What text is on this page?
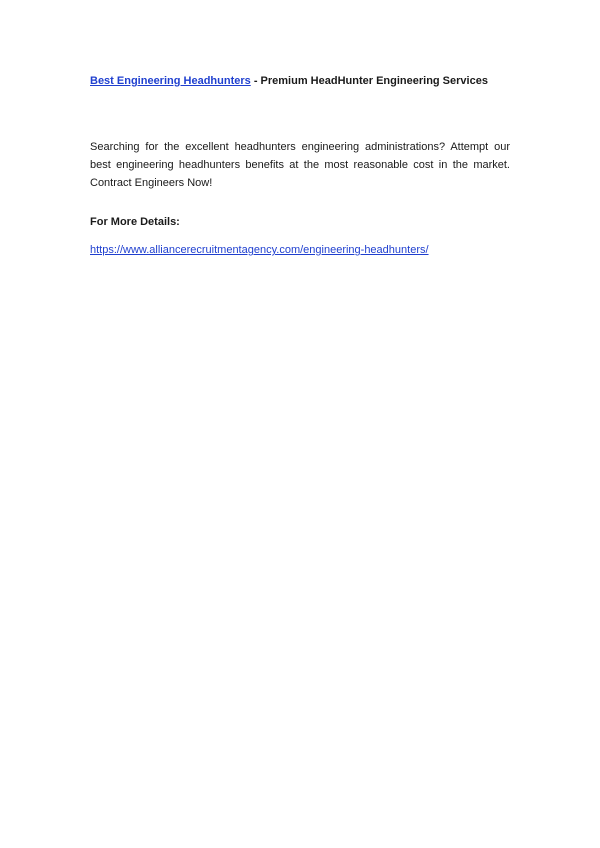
Best Engineering Headhunters - Premium HeadHunter Engineering Services

Searching for the excellent headhunters engineering administrations? Attempt our best engineering headhunters benefits at the most reasonable cost in the market. Contract Engineers Now!

For More Details:
https://www.alliancerecruitmentagency.com/engineering-headhunters/
